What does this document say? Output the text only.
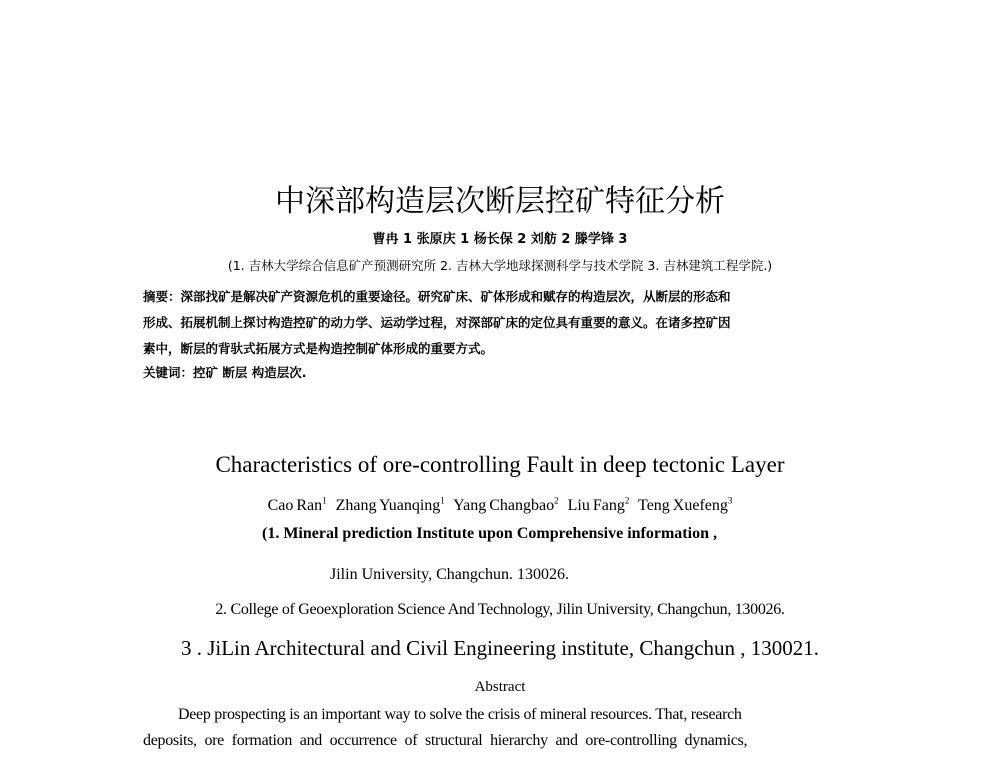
中深部构造层次断层控矿特征分析
曹冉 1 张原庆 1 杨长保 2 刘舫 2 滕学锋 3
(1. 吉林大学综合信息矿产预测研究所 2. 吉林大学地球探测科学与技术学院 3. 吉林建筑工程学院.)
摘要：深部找矿是解决矿产资源危机的重要途径。研究矿床、矿体形成和赋存的构造层次，从断层的形态和
形成、拓展机制上探讨构造控矿的动力学、运动学过程，对深部矿床的定位具有重要的意义。在诸多控矿因
素中，断层的背驮式拓展方式是构造控制矿体形成的重要方式。
关键词：控矿 断层 构造层次.
Characteristics of ore-controlling Fault in deep tectonic Layer
Cao Ran$^1$ Zhang Yuanqing$^1$ Yang Changbao$^2$ Liu Fang$^2$ Teng Xuefeng$^3$
(1. Mineral prediction Institute upon Comprehensive information ,
Jilin University, Changchun. 130026.
2. College of Geoexploration Science And Technology, Jilin University, Changchun, 130026.
3 . JiLin Architectural and Civil Engineering institute, Changchun , 130021.
Abstract
Deep prospecting is an important way to solve the crisis of mineral resources. That, research
deposits, ore formation and occurrence of structural hierarchy and ore-controlling dynamics,
